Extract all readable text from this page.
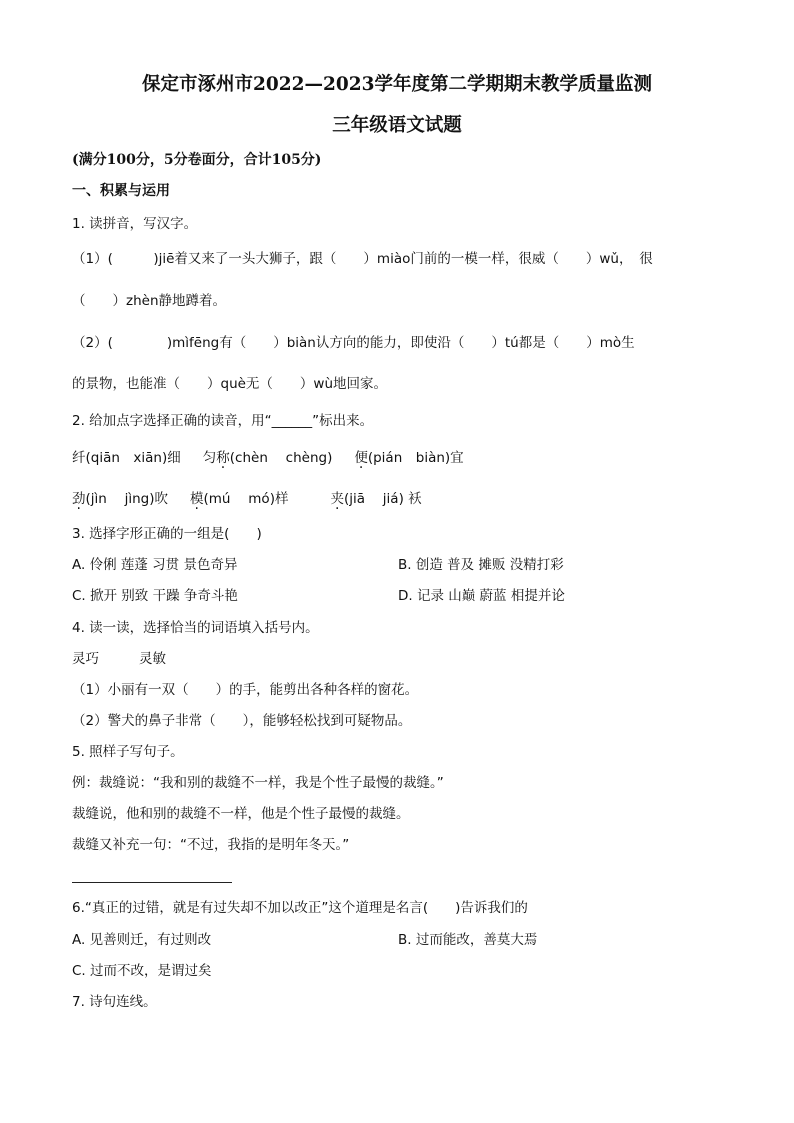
保定市涿州市2022—2023学年度第二学期期末教学质量监测
三年级语文试题
(满分100分，5分卷面分，合计105分)
一、积累与运用
1. 读拼音，写汉字。
（1）(　　　)jiē着又来了一头大狮子，跟（　　）miào门前的一模一样，很威（　　）wǔ，　很
（　　）zhèn静地蹲着。
（2）(　　　　)mìfēng有（　　）biàn认方向的能力，即使沿（　　）tú都是（　　）mò生
的景物，也能准（　　）què无（　　）wù地回家。
2. 给加点字选择正确的读音，用“______”标出来。
纤(qiān　xiān)细 匀称(chèn　 chèng) 便(pián　biàn)宜
劲(jìn　 jìng)吹 模(mú　 mó)样	夹(jiā　 jiá) 袄
3. 选择字形正确的一组是(　　)
A. 伶俐 莲蓬 习贯 景色奇异	B. 创造 普及 摊贩 没精打彩
C. 掀开 别致 干躁 争奇斗艳	D. 记录 山巅 蔚蓝 相提并论
4. 读一读，选择恰当的词语填入括号内。
灵巧	灵敏
（1）小丽有一双（　　）的手，能剪出各种各样的窗花。
（2）警犬的鼻子非常（　　），能够轻松找到可疑物品。
5. 照样子写句子。
例：裁缝说：“我和别的裁缝不一样，我是个性子最慢的裁缝。”
裁缝说，他和别的裁缝不一样，他是个性子最慢的裁缝。
裁缝又补充一句：“不过，我指的是明年冬天。”
6.“真正的过错，就是有过失却不加以改正”这个道理是名言(　　)告诉我们的
A. 见善则迁，有过则改	B. 过而能改，善莫大焉
C. 过而不改，是谓过矣
7. 诗句连线。
